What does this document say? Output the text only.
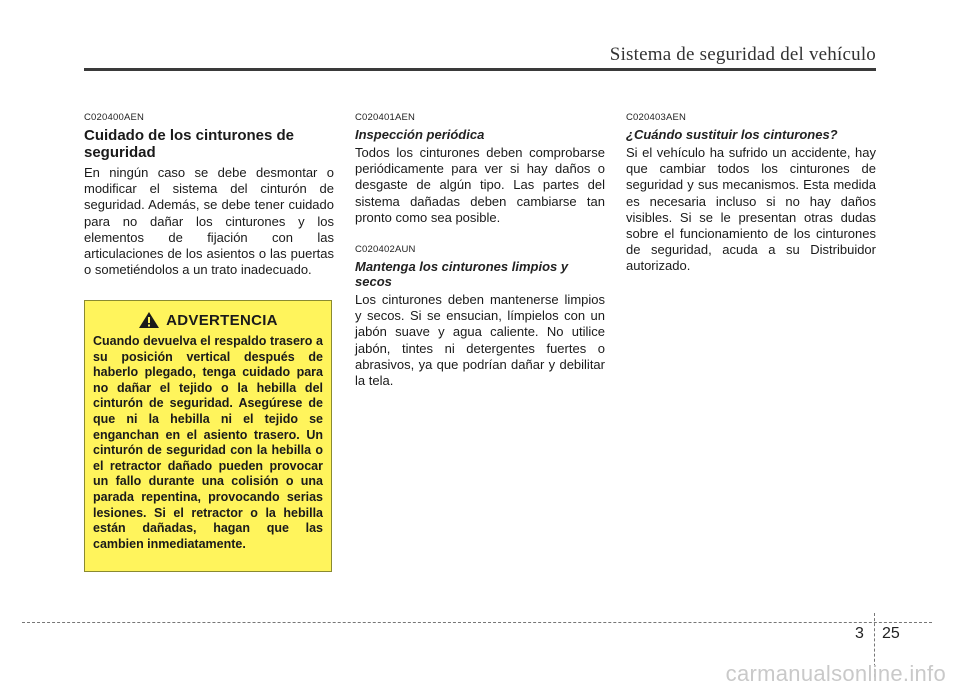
Sistema de seguridad del vehículo

C020400AEN

Cuidado de los cinturones de seguridad

En ningún caso se debe desmontar o modificar el sistema del cinturón de seguridad. Además, se debe tener cuidado para no dañar los cinturones y los elementos de fijación con las articulaciones de los asientos o las puertas o sometiéndolos a un trato inadecuado.

ADVERTENCIA

Cuando devuelva el respaldo trasero a su posición vertical después de haberlo plegado, tenga cuidado para no dañar el tejido o la hebilla del cinturón de seguridad. Asegúrese de que ni la hebilla ni el tejido se enganchan en el asiento trasero. Un cinturón de seguridad con la hebilla o el retractor dañado pueden provocar un fallo durante una colisión o una parada repentina, provocando serias lesiones. Si el retractor o la hebilla están dañadas, hagan que las cambien inmediatamente.

C020401AEN

Inspección periódica

Todos los cinturones deben comprobarse periódicamente para ver si hay daños o desgaste de algún tipo. Las partes del sistema dañadas deben cambiarse tan pronto como sea posible.

C020402AUN

Mantenga los cinturones limpios y secos

Los cinturones deben mantenerse limpios y secos. Si se ensucian, límpielos con un jabón suave y agua caliente. No utilice jabón, tintes ni detergentes fuertes o abrasivos, ya que podrían dañar y debilitar la tela.

C020403AEN

¿Cuándo sustituir los cinturones?

Si el vehículo ha sufrido un accidente, hay que cambiar todos los cinturones de seguridad y sus mecanismos. Esta medida es necesaria incluso si no hay daños visibles. Si se le presentan otras dudas sobre el funcionamiento de los cinturones de seguridad, acuda a su Distribuidor autorizado.

3 25
carmanualsonline.info
